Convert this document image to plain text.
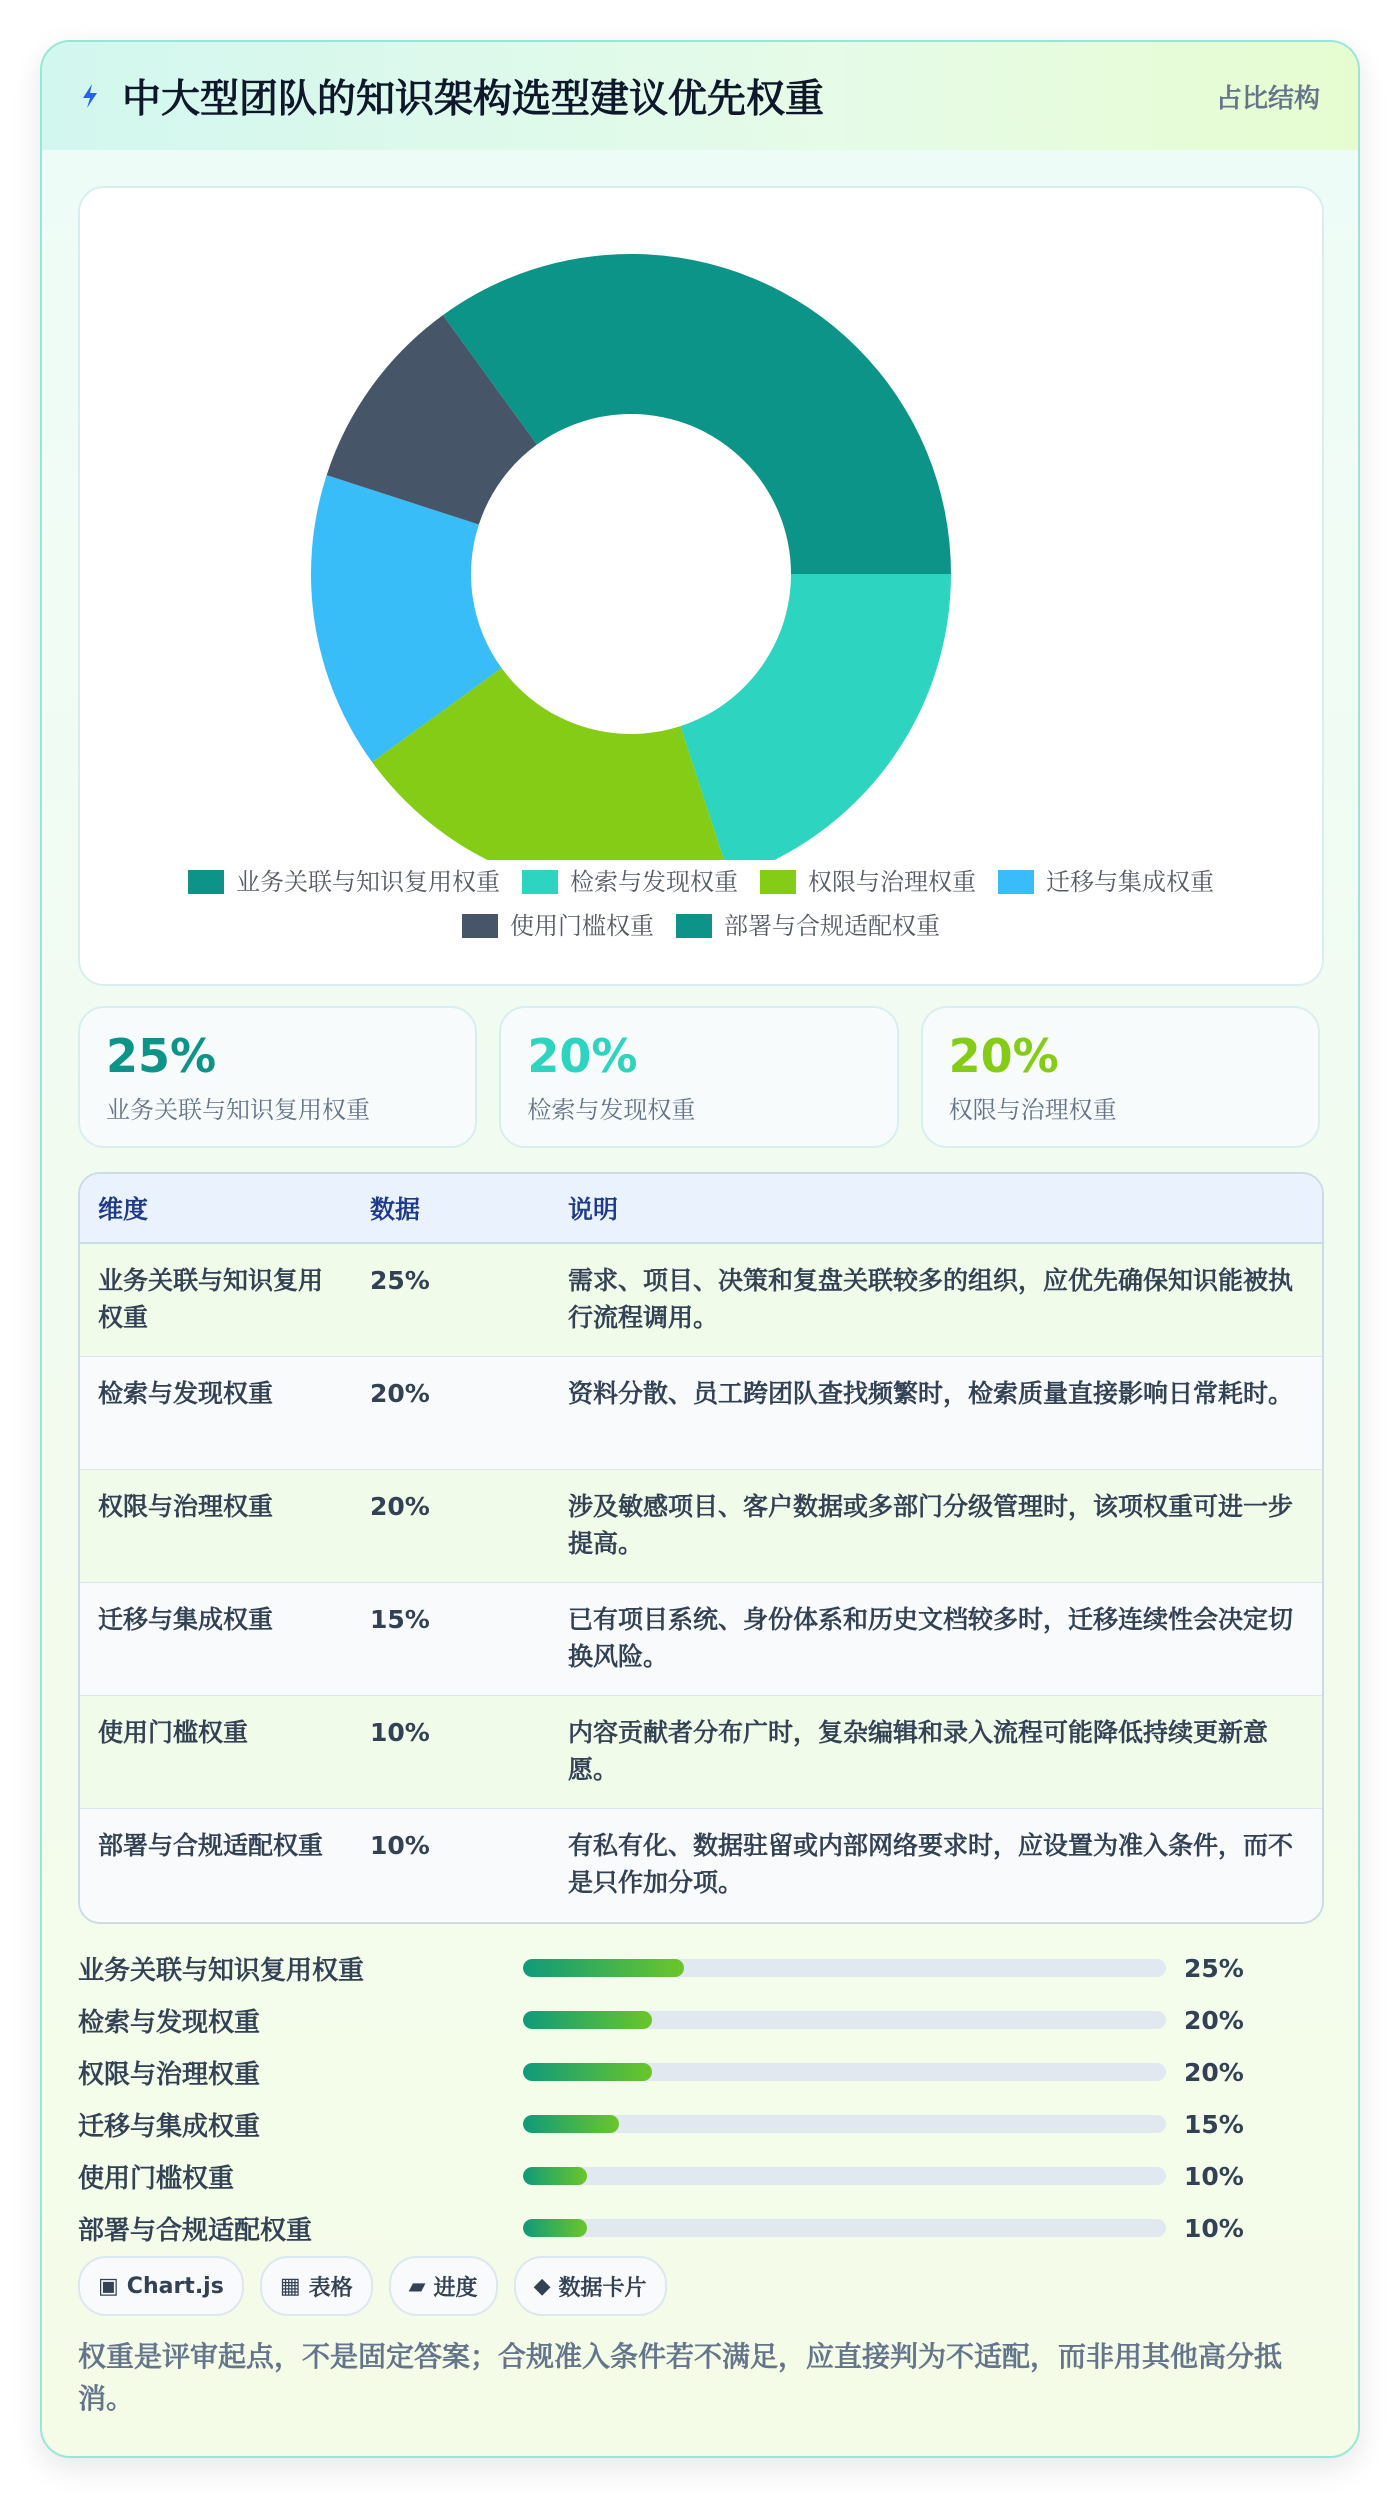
中大型团队的知识架构选型建议优先权重	占比结构
业务关联与知识复用权重	检索与发现权重	权限与治理权重	迁移与集成权重
使用门槛权重	部署与合规适配权重
25%
业务关联与知识复用权重
20%
检索与发现权重
20%
权限与治理权重
维度	数据	说明
业务关联与知识复用权重	25%	需求、项目、决策和复盘关联较多的组织，应优先确保知识能被执行流程调用。
检索与发现权重	20%	资料分散、员工跨团队查找频繁时，检索质量直接影响日常耗时。
权限与治理权重	20%	涉及敏感项目、客户数据或多部门分级管理时，该项权重可进一步提高。
迁移与集成权重	15%	已有项目系统、身份体系和历史文档较多时，迁移连续性会决定切换风险。
使用门槛权重	10%	内容贡献者分布广时，复杂编辑和录入流程可能降低持续更新意愿。
部署与合规适配权重	10%	有私有化、数据驻留或内部网络要求时，应设置为准入条件，而不是只作加分项。
业务关联与知识复用权重	25%
检索与发现权重	20%
权限与治理权重	20%
迁移与集成权重	15%
使用门槛权重	10%
部署与合规适配权重	10%
▣ Chart.js	▦ 表格	▰ 进度	◆ 数据卡片
权重是评审起点，不是固定答案；合规准入条件若不满足，应直接判为不适配，而非用其他高分抵消。
